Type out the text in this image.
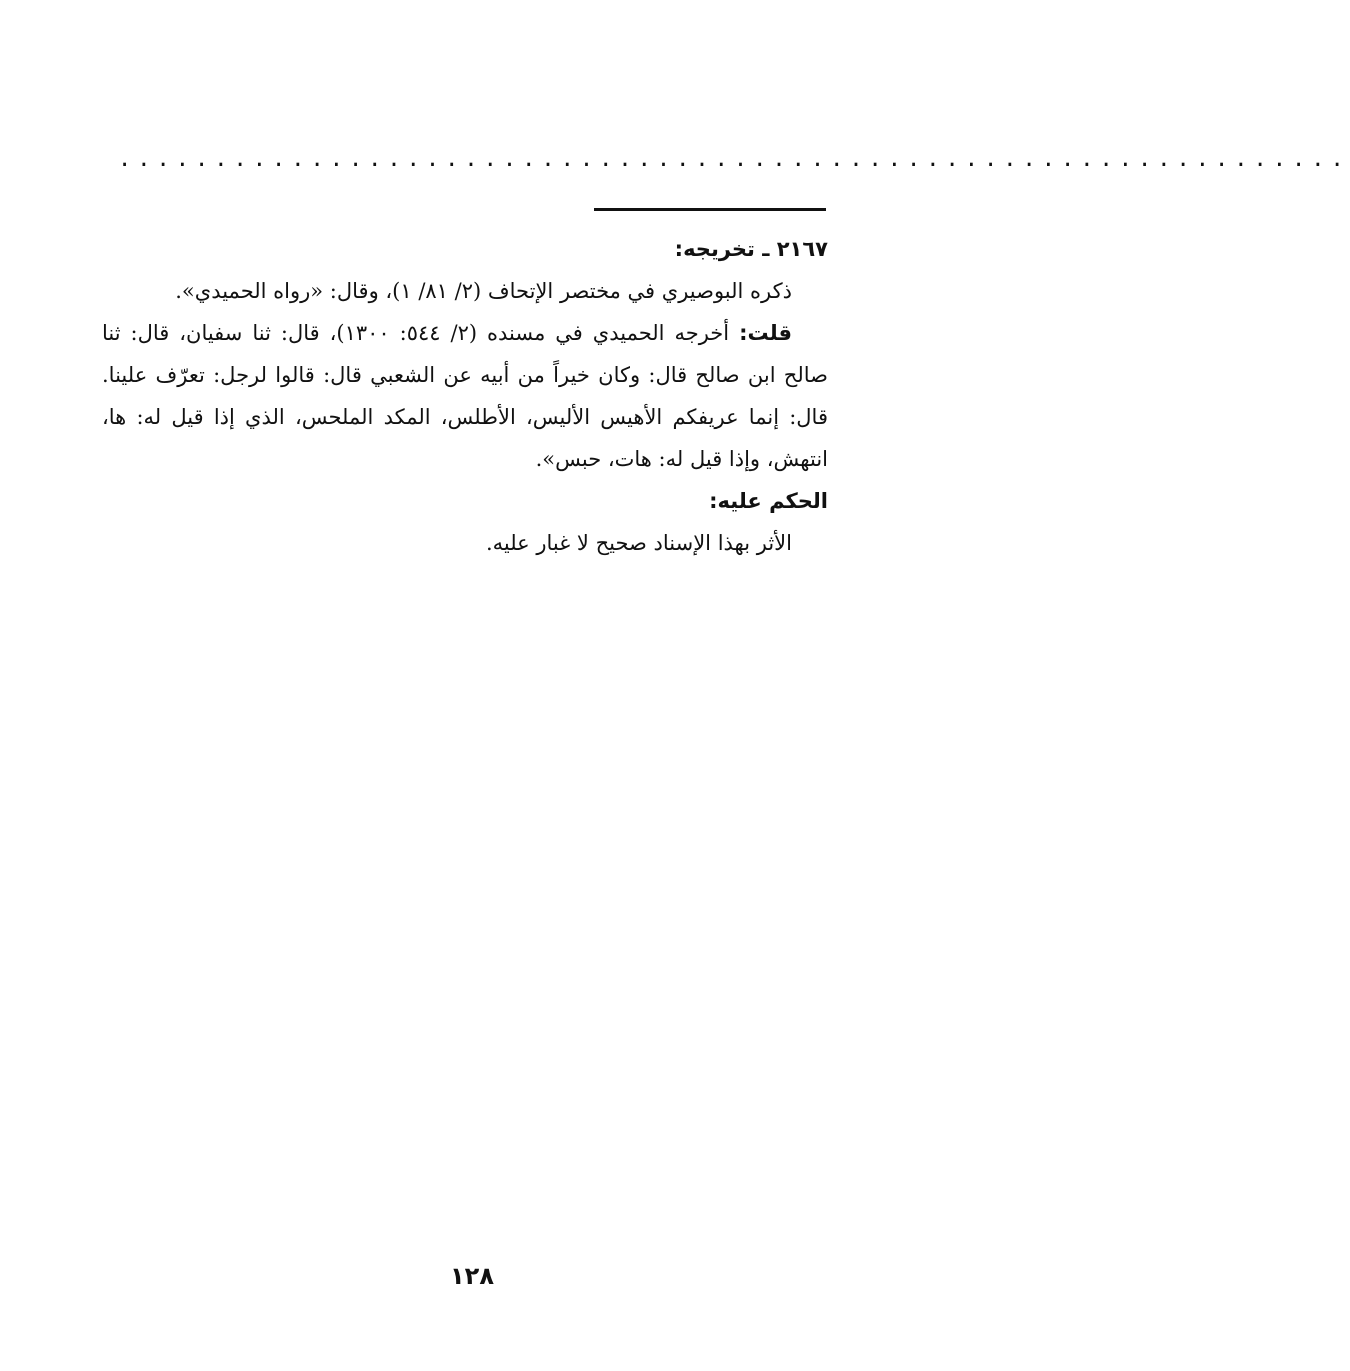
................................................................

٢١٦٧ ـ تخريجه:

ذكره البوصيري في مختصر الإتحاف (٢/ ٨١/ ١)، وقال: «رواه الحميدي».

قلت: أخرجه الحميدي في مسنده (٢/ ٥٤٤: ١٣٠٠)، قال: ثنا سفيان، قال: ثنا صالح ابن صالح قال: وكان خيراً من أبيه عن الشعبي قال: قالوا لرجل: تعرّف علينا. قال: إنما عريفكم الأهيس الأليس، الأطلس، المكد الملحس، الذي إذا قيل له: ها، انتهش، وإذا قيل له: هات، حبس».

الحكم عليه:

الأثر بهذا الإسناد صحيح لا غبار عليه.

١٢٨
